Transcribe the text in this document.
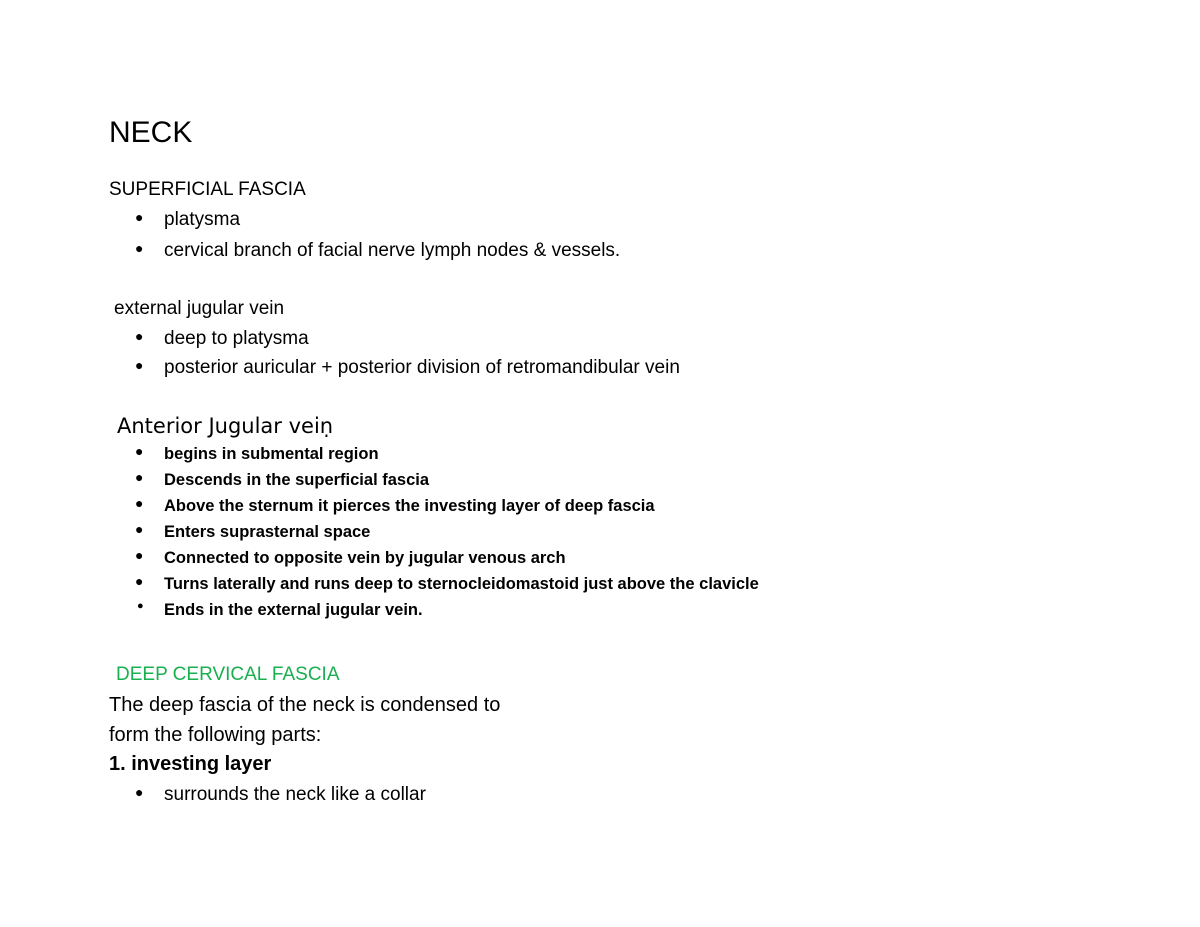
NECK
SUPERFICIAL FASCIA
● platysma
● cervical branch of facial nerve lymph nodes & vessels.
external jugular vein
● deep to platysma
● posterior auricular + posterior division of retromandibular vein
Anterior Jugular veiṇ
● begins in submental region
● Descends in the superficial fascia
● Above the sternum it pierces the investing layer of deep fascia
● Enters suprasternal space
● Connected to opposite vein by jugular venous arch
● Turns laterally and runs deep to sternocleidomastoid just above the clavicle
● Ends in the external jugular vein.
DEEP CERVICAL FASCIA
The deep fascia of the neck is condensed to
form the following parts:
1. investing layer
● surrounds the neck like a collar
